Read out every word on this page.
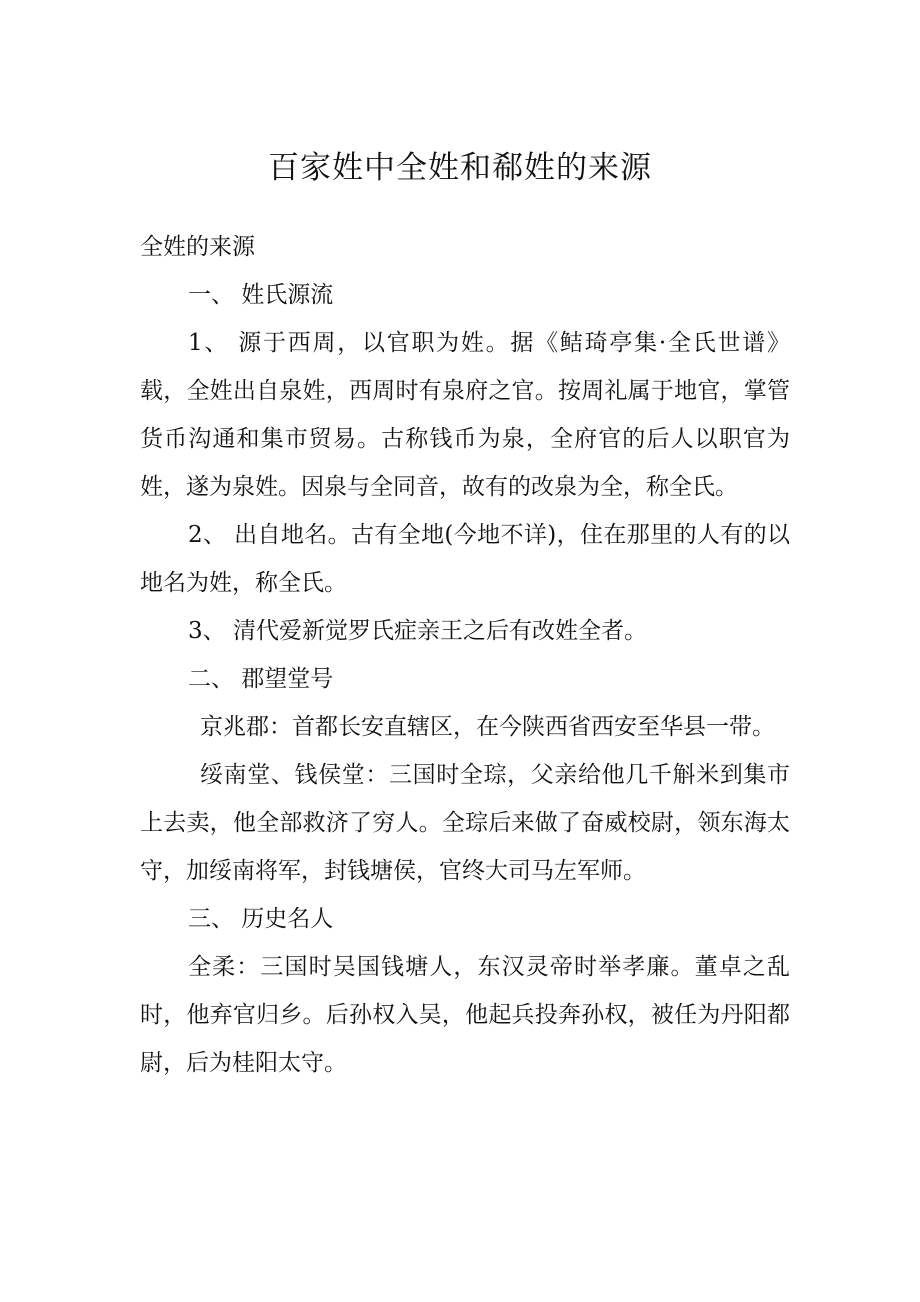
百家姓中全姓和郗姓的来源

全姓的来源

一、 姓氏源流

1、 源于西周，以官职为姓。据《鲒琦亭集·全氏世谱》载，全姓出自泉姓，西周时有泉府之官。按周礼属于地官，掌管货币沟通和集市贸易。古称钱币为泉，全府官的后人以职官为姓，遂为泉姓。因泉与全同音，故有的改泉为全，称全氏。

2、 出自地名。古有全地(今地不详)，住在那里的人有的以地名为姓，称全氏。

3、 清代爱新觉罗氏症亲王之后有改姓全者。

二、 郡望堂号

京兆郡：首都长安直辖区，在今陕西省西安至华县一带。

绥南堂、钱侯堂：三国时全琮，父亲给他几千斛米到集市上去卖，他全部救济了穷人。全琮后来做了奋威校尉，领东海太守，加绥南将军，封钱塘侯，官终大司马左军师。

三、 历史名人

全柔：三国时吴国钱塘人，东汉灵帝时举孝廉。董卓之乱时，他弃官归乡。后孙权入吴，他起兵投奔孙权，被任为丹阳都尉，后为桂阳太守。
